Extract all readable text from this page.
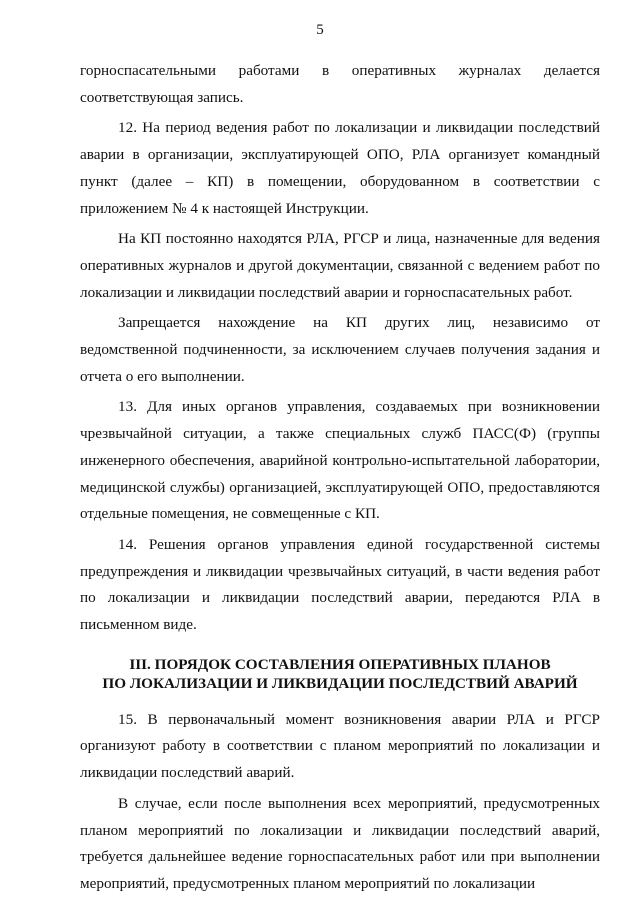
5

горноспасательными работами в оперативных журналах делается соответствующая запись.

12. На период ведения работ по локализации и ликвидации последствий аварии в организации, эксплуатирующей ОПО, РЛА организует командный пункт (далее – КП) в помещении, оборудованном в соответствии с приложением № 4 к настоящей Инструкции.

На КП постоянно находятся РЛА, РГСР и лица, назначенные для ведения оперативных журналов и другой документации, связанной с ведением работ по локализации и ликвидации последствий аварии и горноспасательных работ.

Запрещается нахождение на КП других лиц, независимо от ведомственной подчиненности, за исключением случаев получения задания и отчета о его выполнении.

13. Для иных органов управления, создаваемых при возникновении чрезвычайной ситуации, а также специальных служб ПАСС(Ф) (группы инженерного обеспечения, аварийной контрольно-испытательной лаборатории, медицинской службы) организацией, эксплуатирующей ОПО, предоставляются отдельные помещения, не совмещенные с КП.

14. Решения органов управления единой государственной системы предупреждения и ликвидации чрезвычайных ситуаций, в части ведения работ по локализации и ликвидации последствий аварии, передаются РЛА в письменном виде.

III. ПОРЯДОК СОСТАВЛЕНИЯ ОПЕРАТИВНЫХ ПЛАНОВ
ПО ЛОКАЛИЗАЦИИ И ЛИКВИДАЦИИ ПОСЛЕДСТВИЙ АВАРИЙ

15. В первоначальный момент возникновения аварии РЛА и РГСР организуют работу в соответствии с планом мероприятий по локализации и ликвидации последствий аварий.

В случае, если после выполнения всех мероприятий, предусмотренных планом мероприятий по локализации и ликвидации последствий аварий, требуется дальнейшее ведение горноспасательных работ или при выполнении мероприятий, предусмотренных планом мероприятий по локализации
